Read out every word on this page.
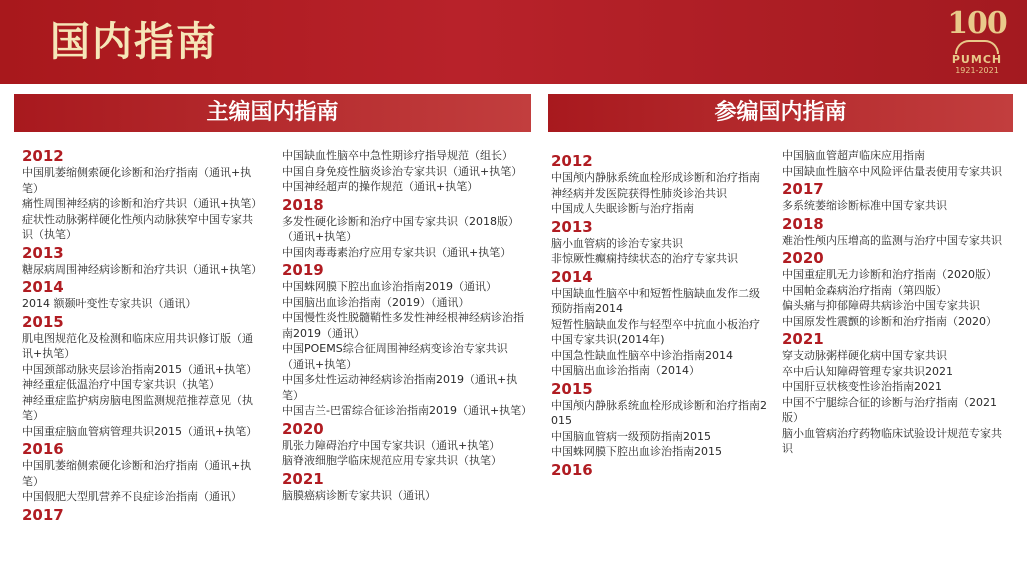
国内指南	100
PUMCH
1921-2021
主编国内指南	参编国内指南
2012
中国肌萎缩侧索硬化诊断和治疗指南（通讯+执笔）
痛性周围神经病的诊断和治疗共识（通讯+执笔）
症状性动脉粥样硬化性颅内动脉狭窄中国专家共识（执笔）
2013
糖尿病周围神经病诊断和治疗共识（通讯+执笔）
2014
2014 额颞叶变性专家共识（通讯）
2015
肌电图规范化及检测和临床应用共识修订版（通讯+执笔）
中国颈部动脉夹层诊治指南2015（通讯+执笔）
神经重症低温治疗中国专家共识（执笔）
神经重症监护病房脑电图监测规范推荐意见（执笔）
中国重症脑血管病管理共识2015（通讯+执笔）
2016
中国肌萎缩侧索硬化诊断和治疗指南（通讯+执笔）
中国假肥大型肌营养不良症诊治指南（通讯）
2017
中国缺血性脑卒中急性期诊疗指导规范（组长）
中国自身免疫性脑炎诊治专家共识（通讯+执笔）
中国神经超声的操作规范（通讯+执笔）
2018
多发性硬化诊断和治疗中国专家共识（2018版）（通讯+执笔）
中国肉毒毒素治疗应用专家共识（通讯+执笔）
2019
中国蛛网膜下腔出血诊治指南2019（通讯）
中国脑出血诊治指南（2019）（通讯）
中国慢性炎性脱髓鞘性多发性神经根神经病诊治指南2019（通讯）
中国POEMS综合征周围神经病变诊治专家共识（通讯+执笔）
中国多灶性运动神经病诊治指南2019（通讯+执笔）
中国吉兰-巴雷综合征诊治指南2019（通讯+执笔）
2020
肌张力障碍治疗中国专家共识（通讯+执笔）
脑脊液细胞学临床规范应用专家共识（执笔）
2021
脑膜癌病诊断专家共识（通讯）
2012
中国颅内静脉系统血栓形成诊断和治疗指南
神经病并发医院获得性肺炎诊治共识
中国成人失眠诊断与治疗指南
2013
脑小血管病的诊治专家共识
非惊厥性癫痫持续状态的治疗专家共识
2014
中国缺血性脑卒中和短暂性脑缺血发作二级预防指南2014
短暂性脑缺血发作与轻型卒中抗血小板治疗中国专家共识(2014年)
中国急性缺血性脑卒中诊治指南2014
中国脑出血诊治指南（2014）
2015
中国颅内静脉系统血栓形成诊断和治疗指南2015
中国脑血管病一级预防指南2015
中国蛛网膜下腔出血诊治指南2015
2016
中国脑血管超声临床应用指南
中国缺血性脑卒中风险评估量表使用专家共识
2017
多系统萎缩诊断标准中国专家共识
2018
难治性颅内压增高的监测与治疗中国专家共识
2020
中国重症肌无力诊断和治疗指南（2020版）
中国帕金森病治疗指南（第四版）
偏头痛与抑郁障碍共病诊治中国专家共识
中国原发性震颤的诊断和治疗指南（2020）
2021
穿支动脉粥样硬化病中国专家共识
卒中后认知障碍管理专家共识2021
中国肝豆状核变性诊治指南2021
中国不宁腿综合征的诊断与治疗指南（2021版）
脑小血管病治疗药物临床试验设计规范专家共识
